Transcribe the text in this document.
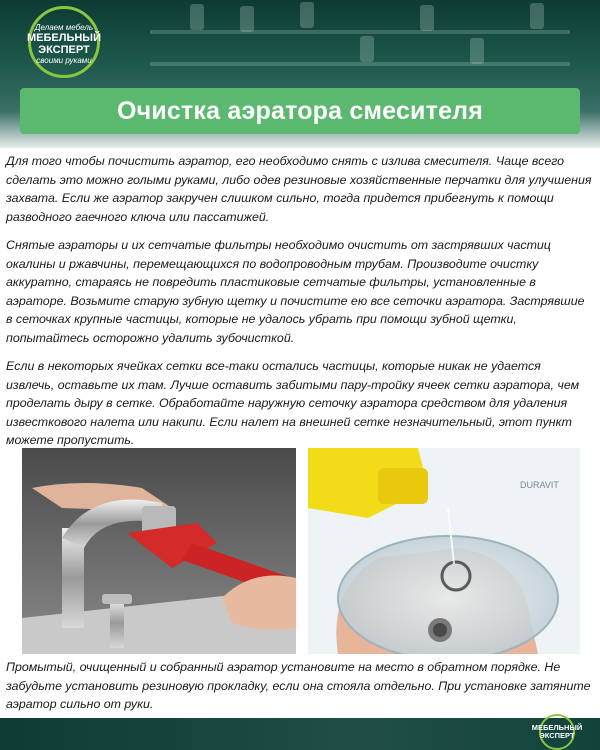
Делаем мебель
МЕБЕЛЬНЫЙ
ЭКСПЕРТ
своими руками
Очистка аэратора смесителя

Для того чтобы почистить аэратор, его необходимо снять с излива смесителя. Чаще всего сделать это можно голыми руками, либо одев резиновые хозяйственные перчатки для улучшения захвата. Если же аэратор закручен слишком сильно, тогда придется прибегнуть к помощи разводного гаечного ключа или пассатижей.

Снятые аэраторы и их сетчатые фильтры необходимо очистить от застрявших частиц окалины и ржавчины, перемещающихся по водопроводным трубам. Производите очистку аккуратно, стараясь не повредить пластиковые сетчатые фильтры, установленные в аэраторе. Возьмите старую зубную щетку и почистите ею все сеточки аэратора. Застрявшие в сеточках крупные частицы, которые не удалось убрать при помощи зубной щетки, попытайтесь осторожно удалить зубочисткой.

Если в некоторых ячейках сетки все-таки остались частицы, которые никак не удается извлечь, оставьте их там. Лучше оставить забитыми пару-тройку ячеек сетки аэратора, чем проделать дыру в сетке. Обработайте наружную сеточку аэратора средством для удаления известкового налета или накипи. Если налет на внешней сетке незначительный, этот пункт можете пропустить.

DURAVIT

Промытый, очищенный и собранный аэратор установите на место в обратном порядке. Не забудьте установить резиновую прокладку, если она стояла отдельно. При установке затяните аэратор сильно от руки.

МЕБЕЛЬНЫЙ
ЭКСПЕРТ
